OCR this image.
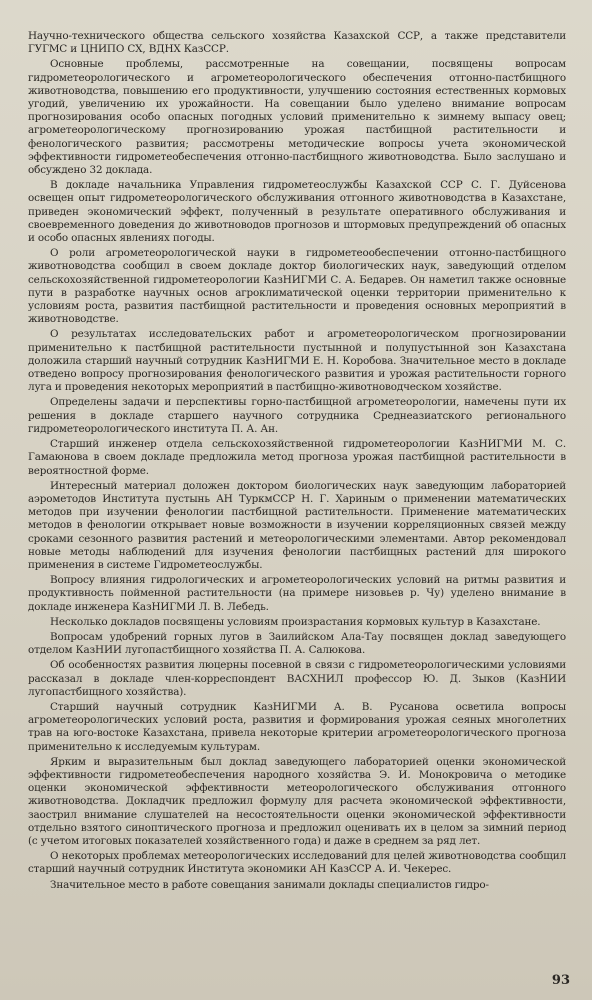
Научно-технического общества сельского хозяйства Казахской ССР, а также представители ГУГМС и ЦНИПО СХ, ВДНХ КазССР.

Основные проблемы, рассмотренные на совещании, посвящены вопросам гидрометеорологического и агрометеорологического обеспечения отгонно-пастбищного животноводства, повышению его продуктивности, улучшению состояния естественных кормовых угодий, увеличению их урожайности. На совещании было уделено внимание вопросам прогнозирования особо опасных погодных условий применительно к зимнему выпасу овец; агрометеорологическому прогнозированию урожая пастбищной растительности и фенологического развития; рассмотрены методические вопросы учета экономической эффективности гидрометеобеспечения отгонно-пастбищного животноводства. Было заслушано и обсуждено 32 доклада.

В докладе начальника Управления гидрометеослужбы Казахской ССР С. Г. Дуйсенова освещен опыт гидрометеорологического обслуживания отгонного животноводства в Казахстане, приведен экономический эффект, полученный в результате оперативного обслуживания и своевременного доведения до животноводов прогнозов и штормовых предупреждений об опасных и особо опасных явлениях погоды.

О роли агрометеорологической науки в гидрометеообеспечении отгонно-пастбищного животноводства сообщил в своем докладе доктор биологических наук, заведующий отделом сельскохозяйственной гидрометеорологии КазНИГМИ С. А. Бедарев. Он наметил также основные пути в разработке научных основ агроклиматической оценки территории применительно к условиям роста, развития пастбищной растительности и проведения основных мероприятий в животноводстве.

О результатах исследовательских работ и агрометеорологическом прогнозировании применительно к пастбищной растительности пустынной и полупустынной зон Казахстана доложила старший научный сотрудник КазНИГМИ Е. Н. Коробова. Значительное место в докладе отведено вопросу прогнозирования фенологического развития и урожая растительности горного луга и проведения некоторых мероприятий в пастбищно-животноводческом хозяйстве.

Определены задачи и перспективы горно-пастбищной агрометеорологии, намечены пути их решения в докладе старшего научного сотрудника Среднеазиатского регионального гидрометеорологического института П. А. Ан.

Старший инженер отдела сельскохозяйственной гидрометеорологии КазНИГМИ М. С. Гамаюнова в своем докладе предложила метод прогноза урожая пастбищной растительности в вероятностной форме.

Интересный материал доложен доктором биологических наук заведующим лабораторией аэрометодов Института пустынь АН ТуркмССР Н. Г. Хариным о применении математических методов при изучении фенологии пастбищной растительности. Применение математических методов в фенологии открывает новые возможности в изучении корреляционных связей между сроками сезонного развития растений и метеорологическими элементами. Автор рекомендовал новые методы наблюдений для изучения фенологии пастбищных растений для широкого применения в системе Гидрометеослужбы.

Вопросу влияния гидрологических и агрометеорологических условий на ритмы развития и продуктивность пойменной растительности (на примере низовьев р. Чу) уделено внимание в докладе инженера КазНИГМИ Л. В. Лебедь.

Несколько докладов посвящены условиям произрастания кормовых культур в Казахстане.

Вопросам удобрений горных лугов в Заилийском Ала-Тау посвящен доклад заведующего отделом КазНИИ лугопастбищного хозяйства П. А. Салюкова.

Об особенностях развития люцерны посевной в связи с гидрометеорологическими условиями рассказал в докладе член-корреспондент ВАСХНИЛ профессор Ю. Д. Зыков (КазНИИ лугопастбищного хозяйства).

Старший научный сотрудник КазНИГМИ А. В. Русанова осветила вопросы агрометеорологических условий роста, развития и формирования урожая сеяных многолетних трав на юго-востоке Казахстана, привела некоторые критерии агрометеорологического прогноза применительно к исследуемым культурам.

Ярким и выразительным был доклад заведующего лабораторией оценки экономической эффективности гидрометеобеспечения народного хозяйства Э. И. Монокровича о методике оценки экономической эффективности метеорологического обслуживания отгонного животноводства. Докладчик предложил формулу для расчета экономической эффективности, заострил внимание слушателей на несостоятельности оценки экономической эффективности отдельно взятого синоптического прогноза и предложил оценивать их в целом за зимний период (с учетом итоговых показателей хозяйственного года) и даже в среднем за ряд лет.

О некоторых проблемах метеорологических исследований для целей животноводства сообщил старший научный сотрудник Института экономики АН КазССР А. И. Чекерес.

Значительное место в работе совещания занимали доклады специалистов гидро-

93
